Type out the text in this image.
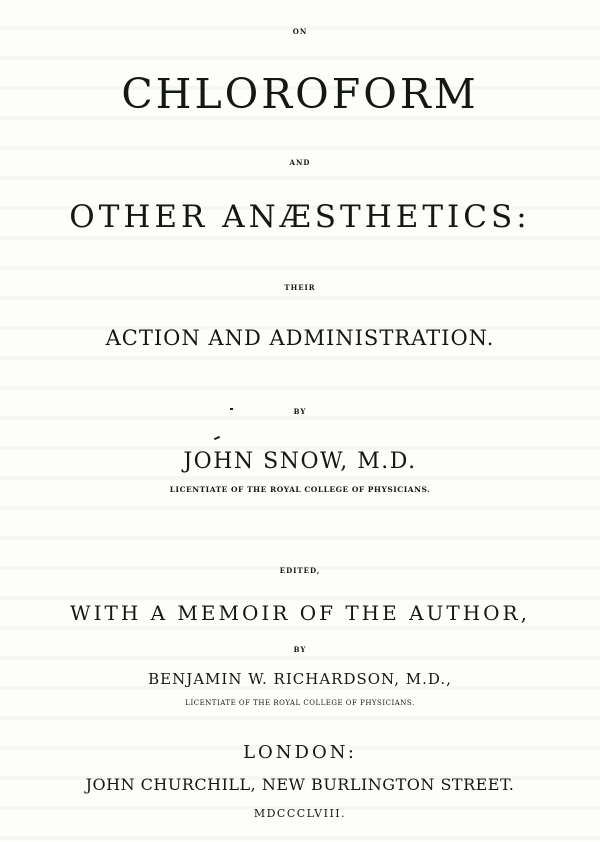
ON
CHLOROFORM
AND
OTHER ANÆSTHETICS:
THEIR
ACTION AND ADMINISTRATION.
BY
JOHN SNOW, M.D.
LICENTIATE OF THE ROYAL COLLEGE OF PHYSICIANS.
EDITED,
WITH A MEMOIR OF THE AUTHOR,
BY
BENJAMIN W. RICHARDSON, M.D.,
LICENTIATE OF THE ROYAL COLLEGE OF PHYSICIANS.
LONDON:
JOHN CHURCHILL, NEW BURLINGTON STREET.
MDCCCLVIII.
